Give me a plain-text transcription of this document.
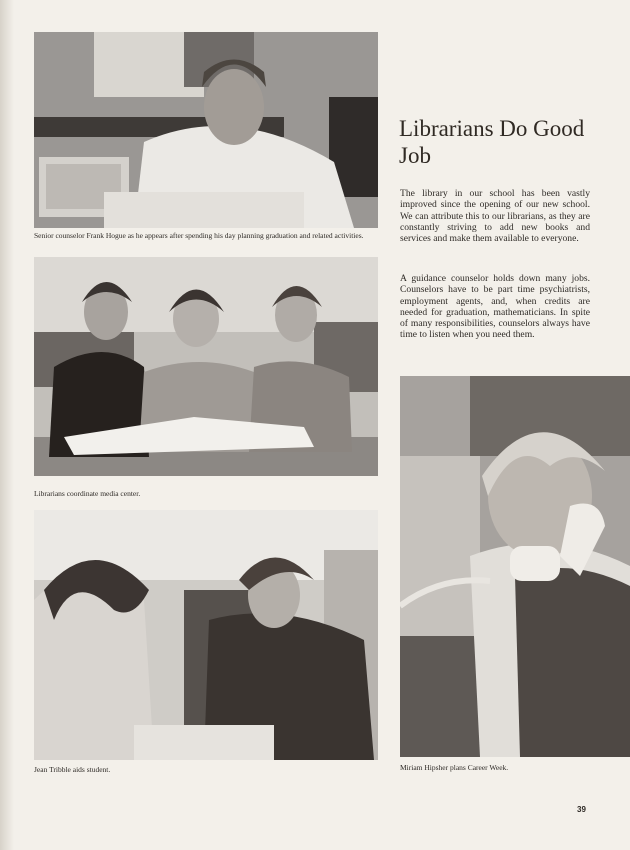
Senior counselor Frank Hogue as he appears after spending his day planning graduation and related activities.
Librarians coordinate media center.
Jean Tribble aids student.
Librarians Do Good Job

The library in our school has been vastly improved since the opening of our new school. We can attribute this to our librarians, as they are constantly striving to add new books and services and make them available to everyone.

A guidance counselor holds down many jobs. Counselors have to be part time psychiatrists, employment agents, and, when credits are needed for graduation, mathematicians. In spite of many responsibilities, counselors always have time to listen when you need them.

Miriam Hipsher plans Career Week.
39
